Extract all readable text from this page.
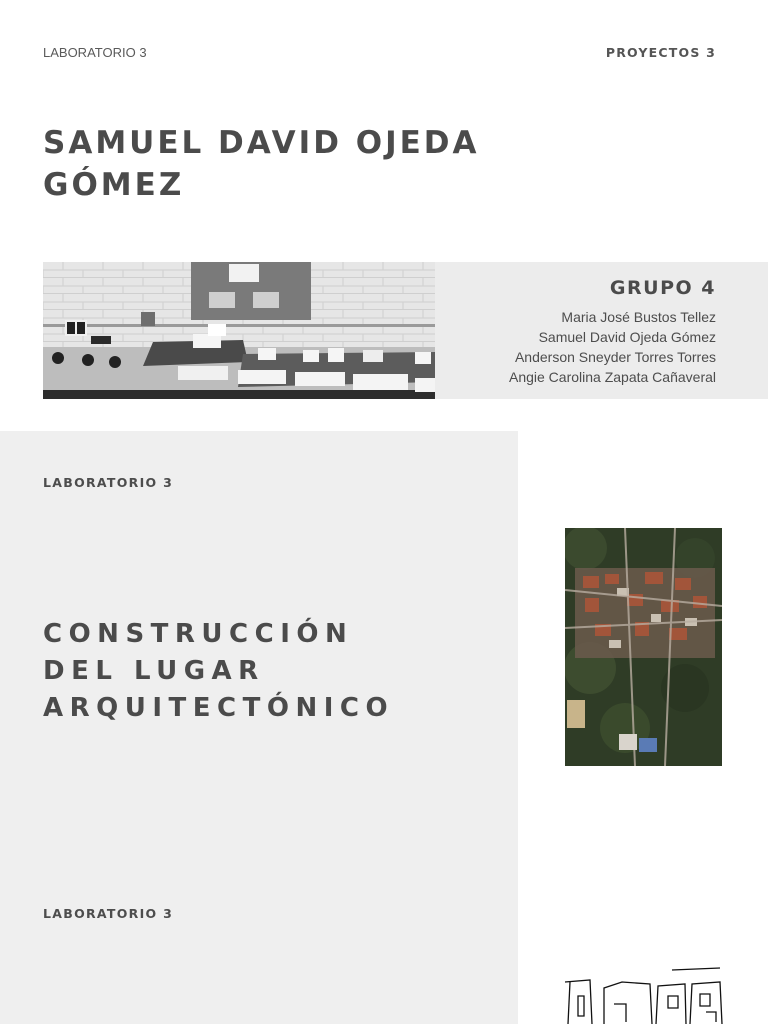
LABORATORIO 3	PROYECTOS 3
SAMUEL DAVID OJEDA
GÓMEZ
GRUPO 4
Maria José Bustos Tellez
Samuel David Ojeda Gómez
Anderson Sneyder Torres Torres
Angie Carolina Zapata Cañaveral
LABORATORIO 3
CONSTRUCCIÓN
DEL LUGAR
ARQUITECTÓNICO
LABORATORIO 3
